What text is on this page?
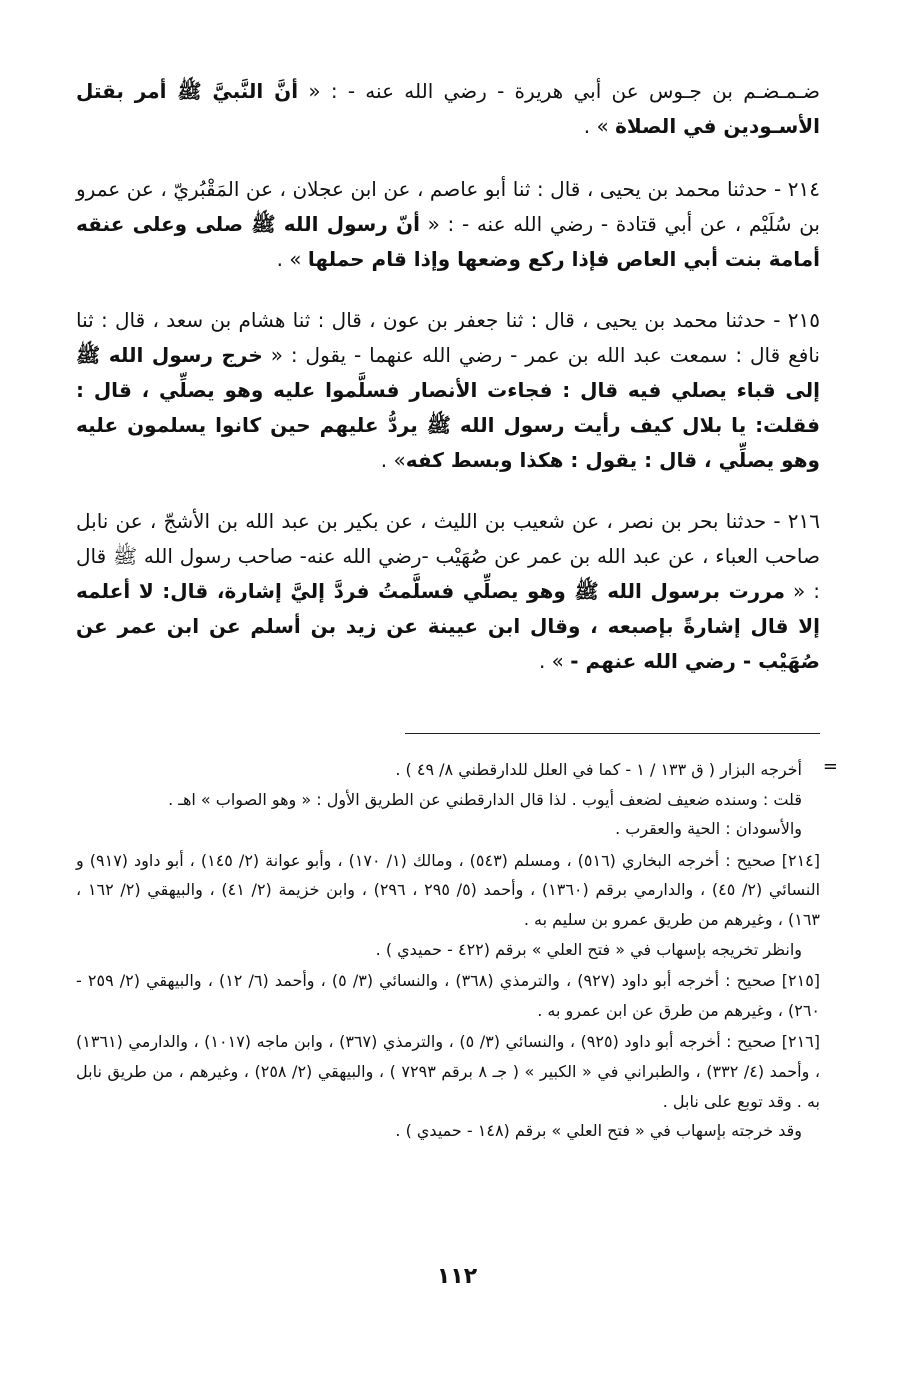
ضـمـضـم بن جـوس عن أبي هريرة - رضي الله عنه - : « أنَّ النَّبيَّ ﷺ أمر بقتل الأسـودين في الصلاة » .

٢١٤ - حدثنا محمد بن يحيى ، قال : ثنا أبو عاصم ، عن ابن عجلان ، عن المَقْبُريّ ، عن عمرو بن سُلَيْم ، عن أبي قتادة - رضي الله عنه - : « أنّ رسول الله ﷺ صلى وعلى عنقه أمامة بنت أبي العاص فإذا ركع وضعها وإذا قام حملها » .

٢١٥ - حدثنا محمد بن يحيى ، قال : ثنا جعفر بن عون ، قال : ثنا هشام بن سعد ، قال : ثنا نافع قال : سمعت عبد الله بن عمر - رضي الله عنهما - يقول : « خرج رسول الله ﷺ إلى قباء يصلي فيه قال : فجاءت الأنصار فسلَّموا عليه وهو يصلِّي ، قال : فقلت: يا بلال كيف رأيت رسول الله ﷺ يردُّ عليهم حين كانوا يسلمون عليه وهو يصلِّي ، قال : يقول : هكذا وبسط كفه» .

٢١٦ - حدثنا بحر بن نصر ، عن شعيب بن الليث ، عن بكير بن عبد الله بن الأشجّ ، عن نابل صاحب العباء ، عن عبد الله بن عمر عن صُهَيْب -رضي الله عنه- صاحب رسول الله ﷺ قال : « مررت برسول الله ﷺ وهو يصلِّي فسلَّمتُ فردَّ إليَّ إشارة، قال: لا أعلمه إلا قال إشارةً بإصبعه ، وقال ابن عيينة عن زيد بن أسلم عن ابن عمر عن صُهَيْب - رضي الله عنهم - » .

=

أخرجه البزار ( ق ١٣٣ / ١ - كما في العلل للدارقطني ٨/ ٤٩ ) .

قلت : وسنده ضعيف لضعف أيوب . لذا قال الدارقطني عن الطريق الأول : « وهو الصواب » اهـ .

والأسودان : الحية والعقرب .

[٢١٤] صحيح : أخرجه البخاري (٥١٦) ، ومسلم (٥٤٣) ، ومالك (١/ ١٧٠) ، وأبو عوانة (٢/ ١٤٥) ، أبو داود (٩١٧) و النسائي (٢/ ٤٥) ، والدارمي برقم (١٣٦٠) ، وأحمد (٥/ ٢٩٥ ، ٢٩٦) ، وابن خزيمة (٢/ ٤١) ، والبيهقي (٢/ ١٦٢ ، ١٦٣) ، وغيرهم من طريق عمرو بن سليم به .

وانظر تخريجه بإسهاب في « فتح العلي » برقم (٤٢٢ - حميدي ) .

[٢١٥] صحيح : أخرجه أبو داود (٩٢٧) ، والترمذي (٣٦٨) ، والنسائي (٣/ ٥) ، وأحمد (٦/ ١٢) ، والبيهقي (٢/ ٢٥٩ - ٢٦٠) ، وغيرهم من طرق عن ابن عمرو به .

[٢١٦] صحيح : أخرجه أبو داود (٩٢٥) ، والنسائي (٣/ ٥) ، والترمذي (٣٦٧) ، وابن ماجه (١٠١٧) ، والدارمي (١٣٦١) ، وأحمد (٤/ ٣٣٢) ، والطبراني في « الكبير » ( جـ ٨ برقم ٧٢٩٣ ) ، والبيهقي (٢/ ٢٥٨) ، وغيرهم ، من طريق نابل به . وقد توبع على نابل .

وقد خرجته بإسهاب في « فتح العلي » برقم (١٤٨ - حميدي ) .

١١٢
